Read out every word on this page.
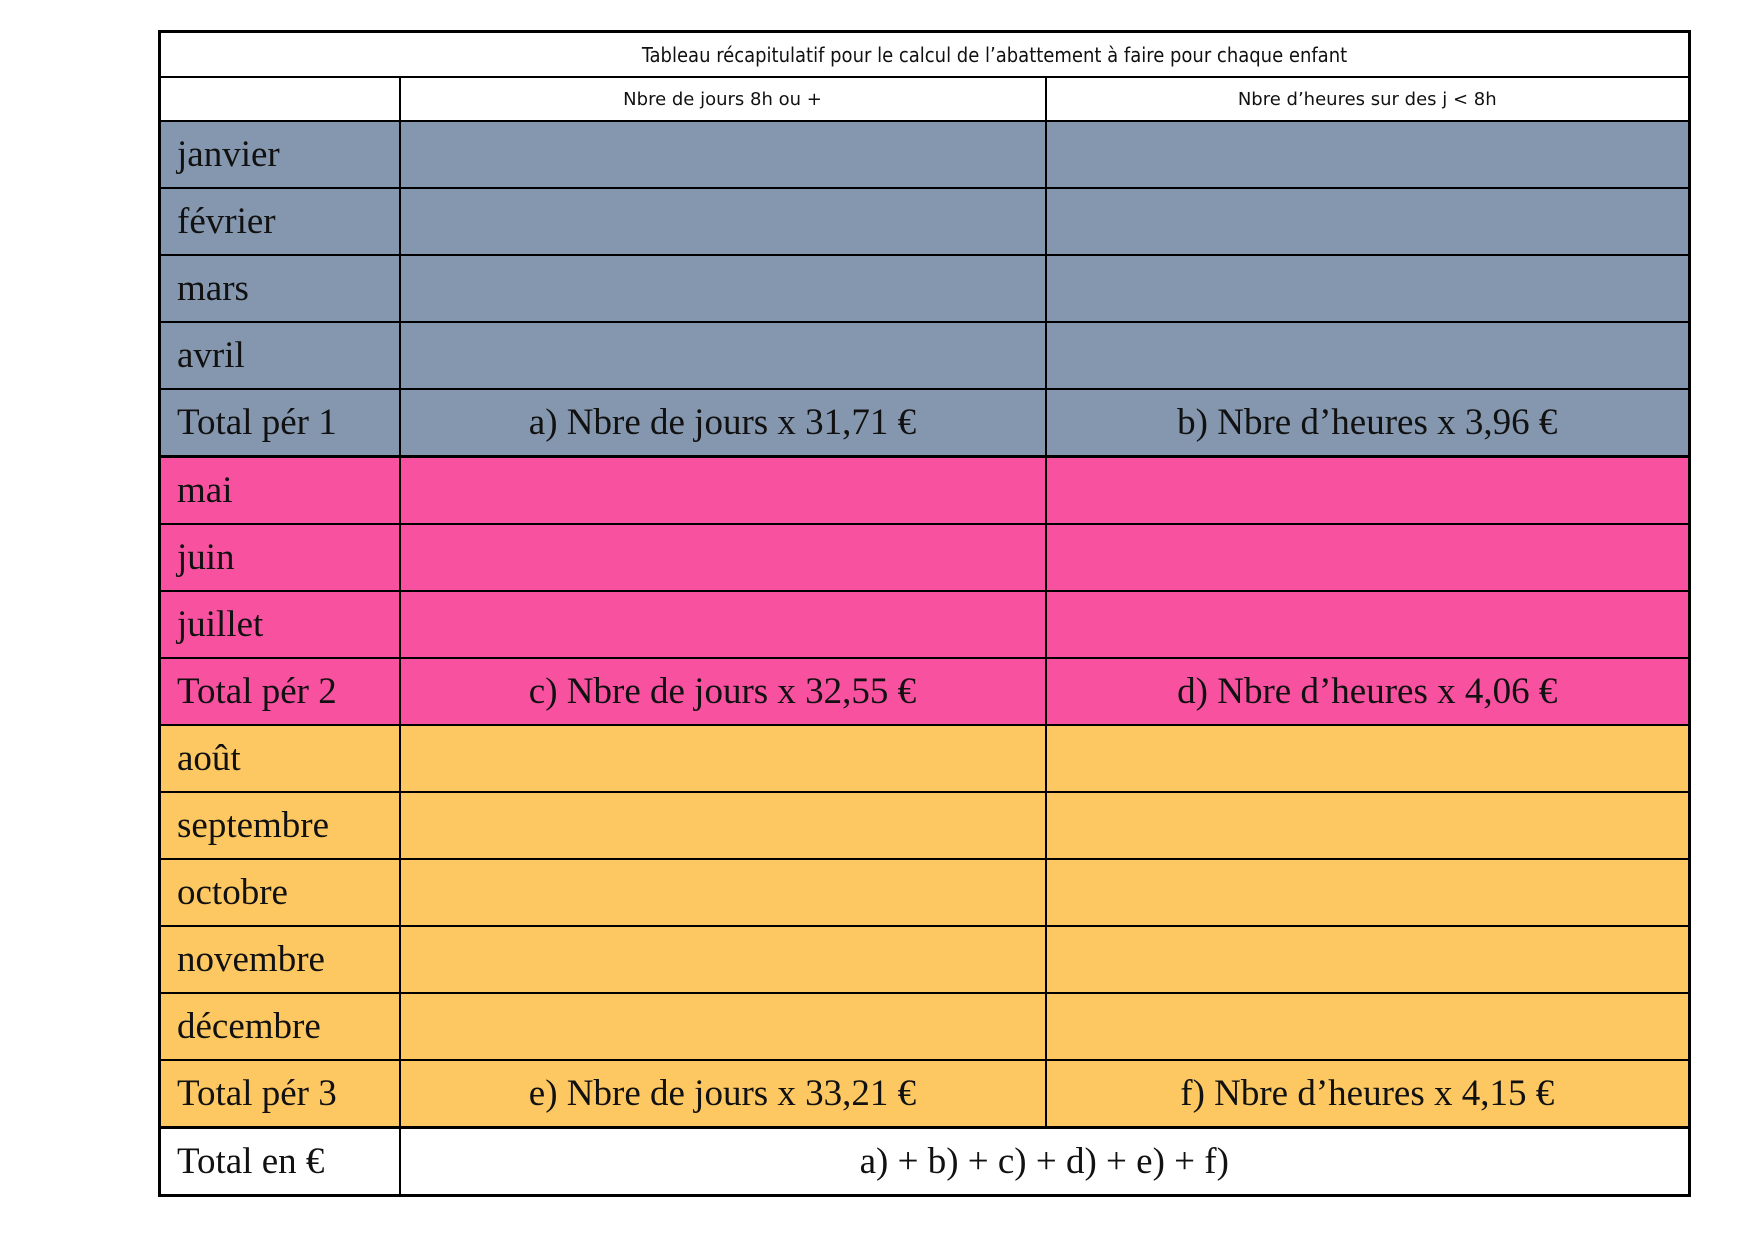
Tableau récapitulatif pour le calcul de l’abattement à faire pour chaque enfant		
	Nbre de jours 8h ou +	Nbre d’heures sur des j < 8h
janvier		
février		
mars		
avril		
Total pér 1	a) Nbre de jours x 31,71 €	b) Nbre d’heures x 3,96 €
mai		
juin		
juillet		
Total pér 2	c) Nbre de jours x 32,55 €	d) Nbre d’heures x 4,06 €
août		
septembre		
octobre		
novembre		
décembre		
Total pér 3	e) Nbre de jours x 33,21 €	f) Nbre d’heures x 4,15 €
Total en €	a) + b) + c) + d) + e) + f)	
